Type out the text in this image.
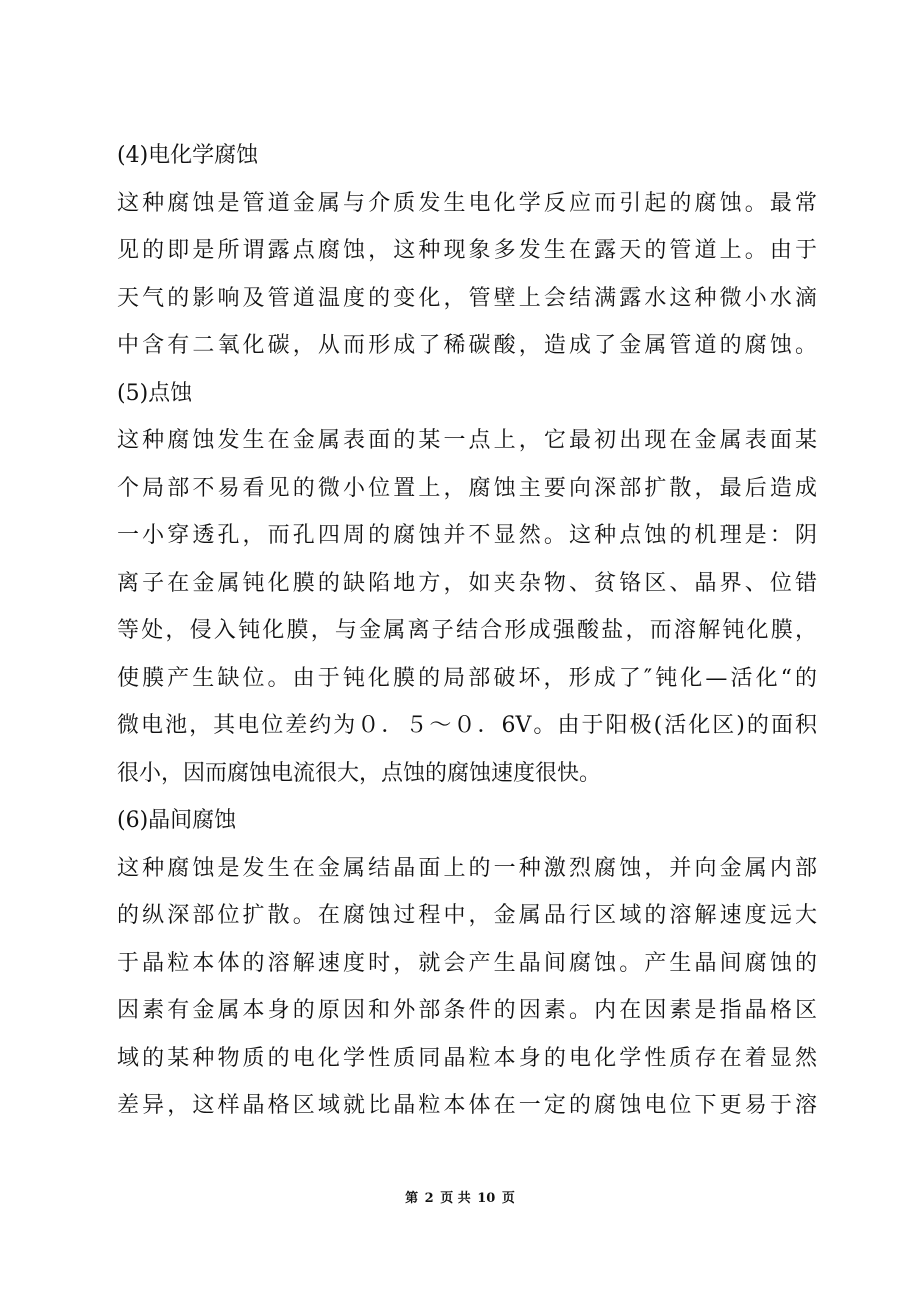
(4)电化学腐蚀
这种腐蚀是管道金属与介质发生电化学反应而引起的腐蚀。最常
见的即是所谓露点腐蚀，这种现象多发生在露天的管道上。由于
天气的影响及管道温度的变化，管壁上会结满露水这种微小水滴
中含有二氧化碳，从而形成了稀碳酸，造成了金属管道的腐蚀。
(5)点蚀
这种腐蚀发生在金属表面的某一点上，它最初出现在金属表面某
个局部不易看见的微小位置上，腐蚀主要向深部扩散，最后造成
一小穿透孔，而孔四周的腐蚀并不显然。这种点蚀的机理是：阴
离子在金属钝化膜的缺陷地方，如夹杂物、贫铬区、晶界、位错
等处，侵入钝化膜，与金属离子结合形成强酸盐，而溶解钝化膜，
使膜产生缺位。由于钝化膜的局部破坏，形成了″钝化—活化“的
微电池，其电位差约为０．５～０．6V。由于阳极(活化区)的面积
很小，因而腐蚀电流很大，点蚀的腐蚀速度很快。
(6)晶间腐蚀
这种腐蚀是发生在金属结晶面上的一种激烈腐蚀，并向金属内部
的纵深部位扩散。在腐蚀过程中，金属品行区域的溶解速度远大
于晶粒本体的溶解速度时，就会产生晶间腐蚀。产生晶间腐蚀的
因素有金属本身的原因和外部条件的因素。内在因素是指晶格区
域的某种物质的电化学性质同晶粒本身的电化学性质存在着显然
差异，这样晶格区域就比晶粒本体在一定的腐蚀电位下更易于溶
第 2 页 共 10 页
